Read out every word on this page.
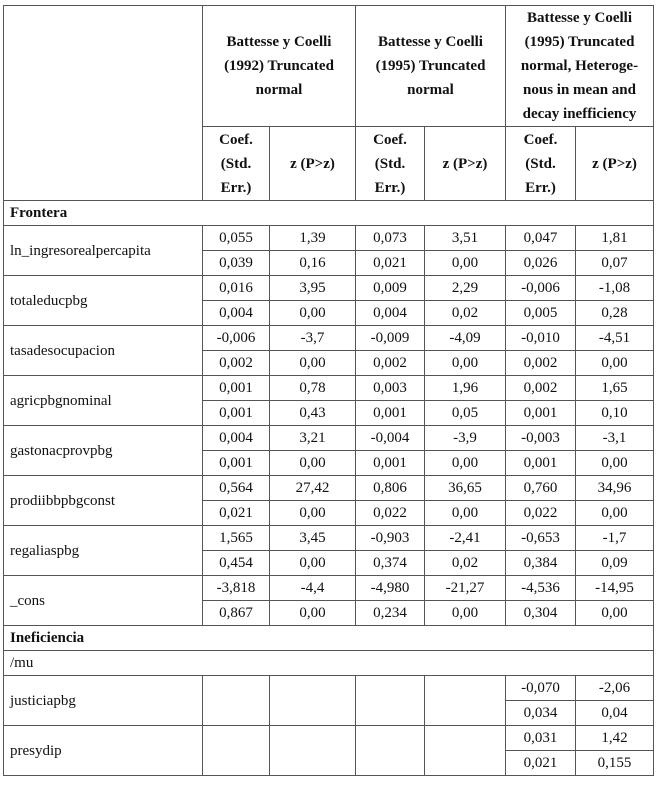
	Battesse y Coelli (1992) Truncated normal		Battesse y Coelli (1995) Truncated normal		Battesse y Coelli (1995) Truncated normal, Heteroge-nous in mean and decay inefficiency	
	Coef. (Std. Err.)	z (P>z)	Coef. (Std. Err.)	z (P>z)	Coef. (Std. Err.)	z (P>z)
Frontera						
ln_ingresorealpercapita	0,055	1,39	0,073	3,51	0,047	1,81
	0,039	0,16	0,021	0,00	0,026	0,07
totaleducpbg	0,016	3,95	0,009	2,29	-0,006	-1,08
	0,004	0,00	0,004	0,02	0,005	0,28
tasadesocupacion	-0,006	-3,7	-0,009	-4,09	-0,010	-4,51
	0,002	0,00	0,002	0,00	0,002	0,00
agricpbgnominal	0,001	0,78	0,003	1,96	0,002	1,65
	0,001	0,43	0,001	0,05	0,001	0,10
gastonacprovpbg	0,004	3,21	-0,004	-3,9	-0,003	-3,1
	0,001	0,00	0,001	0,00	0,001	0,00
prodiibbpbgconst	0,564	27,42	0,806	36,65	0,760	34,96
	0,021	0,00	0,022	0,00	0,022	0,00
regaliaspbg	1,565	3,45	-0,903	-2,41	-0,653	-1,7
	0,454	0,00	0,374	0,02	0,384	0,09
_cons	-3,818	-4,4	-4,980	-21,27	-4,536	-14,95
	0,867	0,00	0,234	0,00	0,304	0,00
Ineficiencia						
/mu						
justiciapbg					-0,070	-2,06
					0,034	0,04
presydip					0,031	1,42
					0,021	0,155
